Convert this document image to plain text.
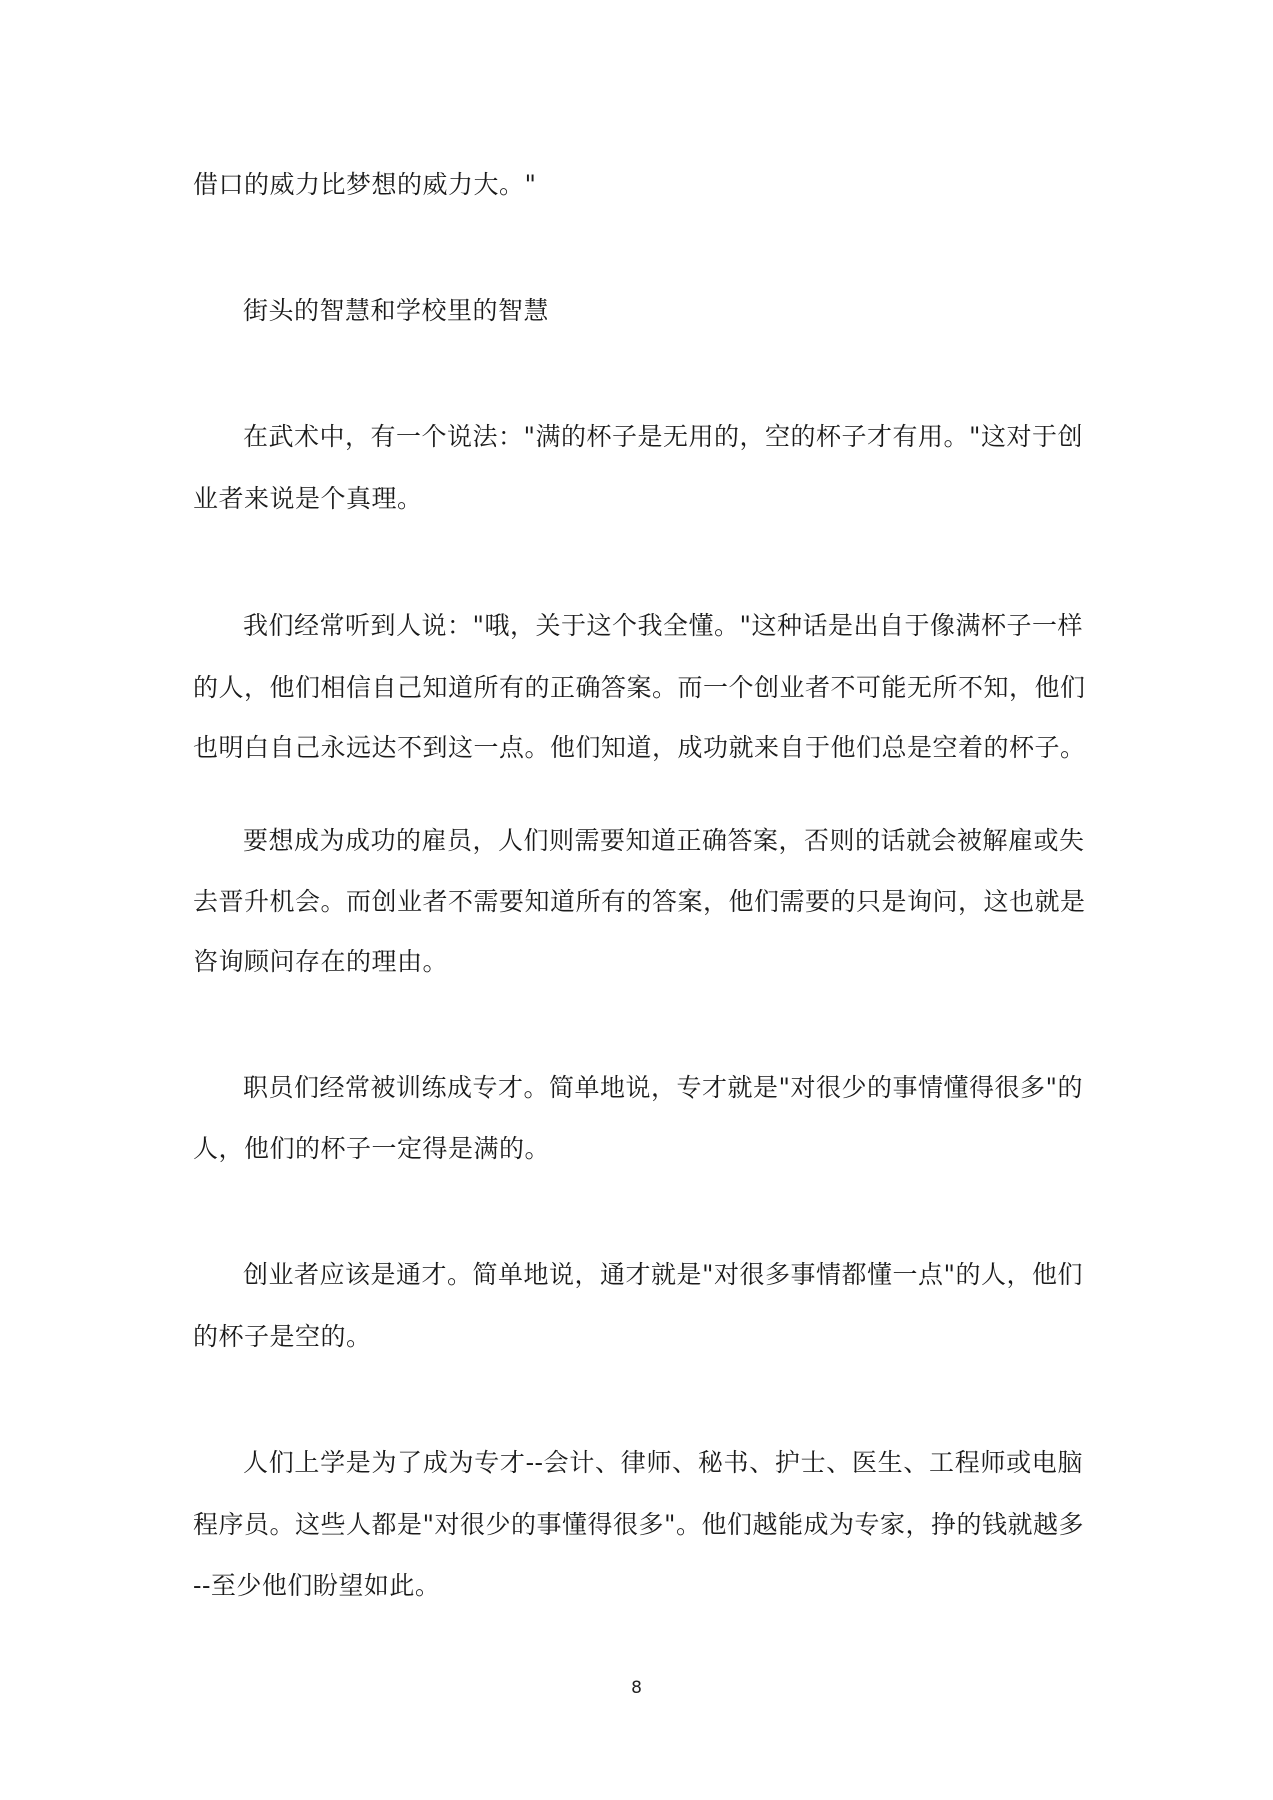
借口的威力比梦想的威力大。"
街头的智慧和学校里的智慧
在武术中，有一个说法："满的杯子是无用的，空的杯子才有用。"这对于创
业者来说是个真理。
我们经常听到人说："哦，关于这个我全懂。"这种话是出自于像满杯子一样
的人，他们相信自己知道所有的正确答案。而一个创业者不可能无所不知，他们
也明白自己永远达不到这一点。他们知道，成功就来自于他们总是空着的杯子。
要想成为成功的雇员，人们则需要知道正确答案，否则的话就会被解雇或失
去晋升机会。而创业者不需要知道所有的答案，他们需要的只是询问，这也就是
咨询顾问存在的理由。
职员们经常被训练成专才。简单地说，专才就是"对很少的事情懂得很多"的
人，他们的杯子一定得是满的。
创业者应该是通才。简单地说，通才就是"对很多事情都懂一点"的人，他们
的杯子是空的。
人们上学是为了成为专才--会计、律师、秘书、护士、医生、工程师或电脑
程序员。这些人都是"对很少的事懂得很多"。他们越能成为专家，挣的钱就越多
--至少他们盼望如此。
8
